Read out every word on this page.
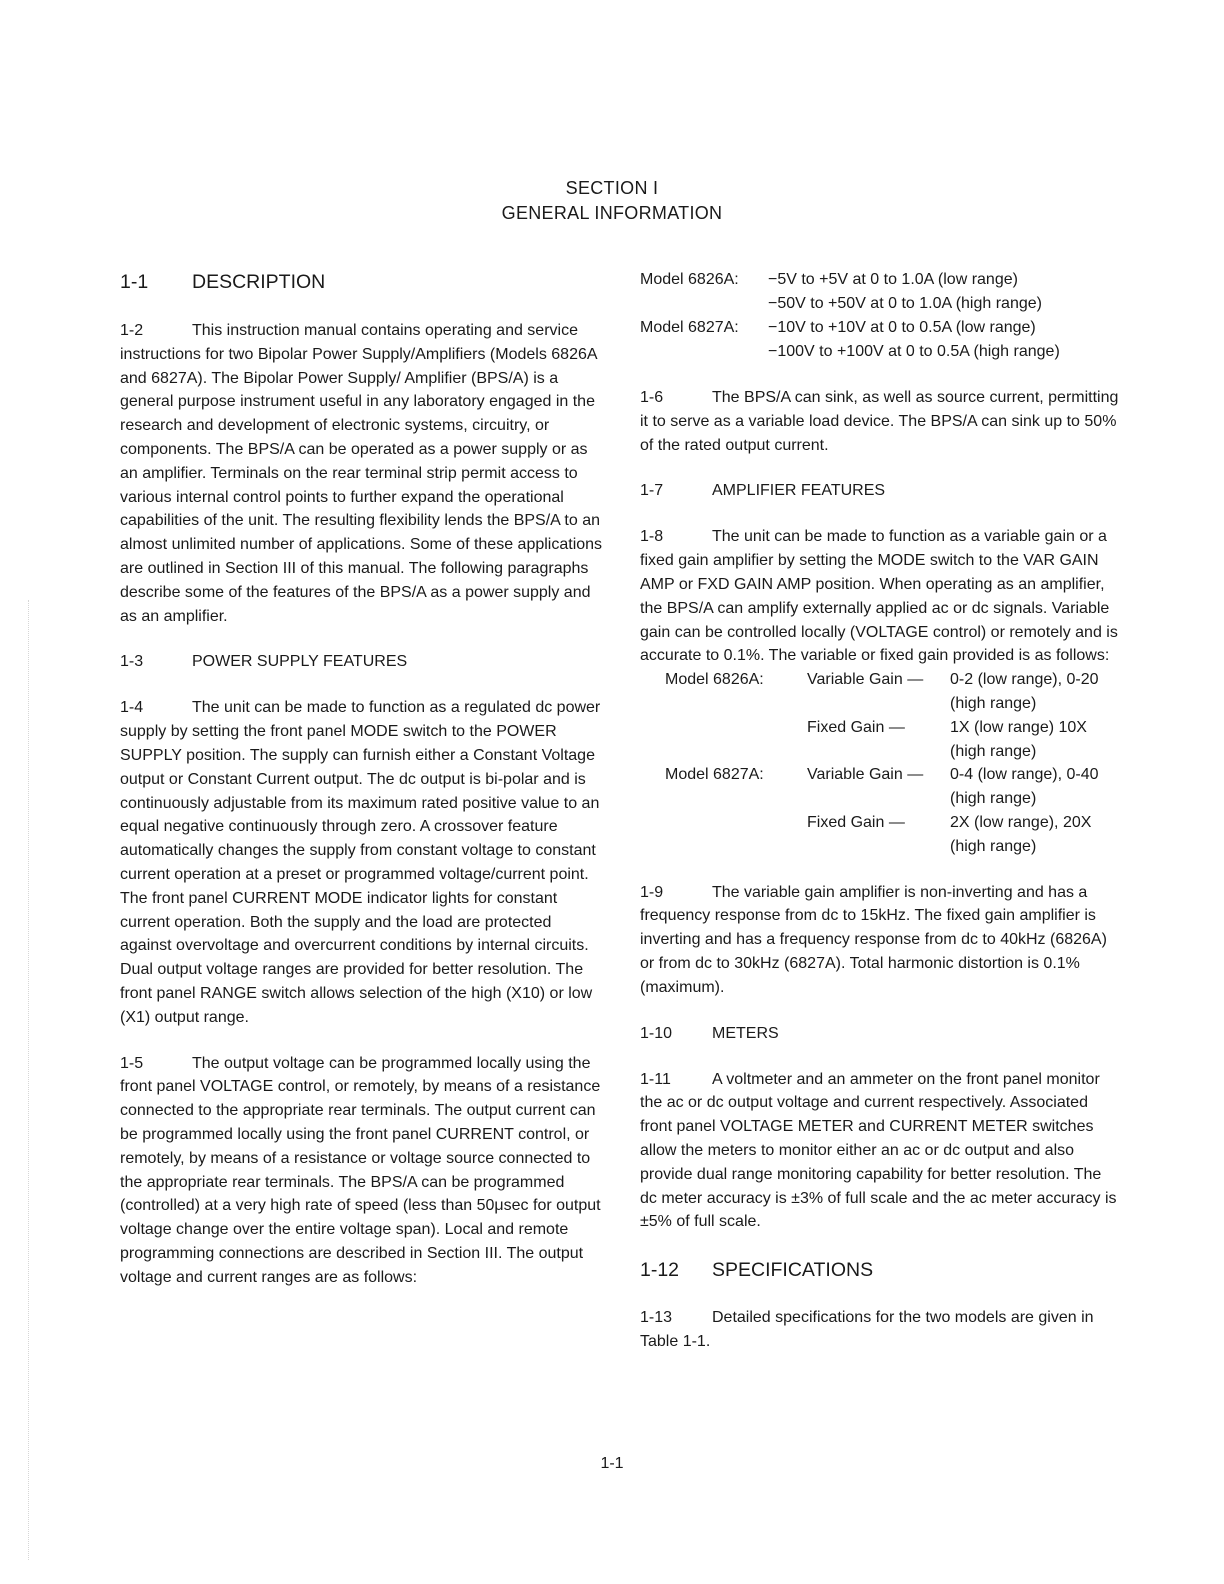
SECTION I
GENERAL INFORMATION
1-1	DESCRIPTION

1-2	This instruction manual contains operating and service instructions for two Bipolar Power Supply/Amplifiers (Models 6826A and 6827A). The Bipolar Power Supply/ Amplifier (BPS/A) is a general purpose instrument useful in any laboratory engaged in the research and development of electronic systems, circuitry, or components. The BPS/A can be operated as a power supply or as an amplifier. Terminals on the rear terminal strip permit access to various internal control points to further expand the operational capabilities of the unit. The resulting flexibility lends the BPS/A to an almost unlimited number of applications. Some of these applications are outlined in Section III of this manual. The following paragraphs describe some of the features of the BPS/A as a power supply and as an amplifier.

1-3	POWER SUPPLY FEATURES

1-4	The unit can be made to function as a regulated dc power supply by setting the front panel MODE switch to the POWER SUPPLY position. The supply can furnish either a Constant Voltage output or Constant Current output. The dc output is bi-polar and is continuously adjustable from its maximum rated positive value to an equal negative continuously through zero. A crossover feature automatically changes the supply from constant voltage to constant current operation at a preset or programmed voltage/current point. The front panel CURRENT MODE indicator lights for constant current operation. Both the supply and the load are protected against overvoltage and overcurrent conditions by internal circuits. Dual output voltage ranges are provided for better resolution. The front panel RANGE switch allows selection of the high (X10) or low (X1) output range.

1-5	The output voltage can be programmed locally using the front panel VOLTAGE control, or remotely, by means of a resistance connected to the appropriate rear terminals. The output current can be programmed locally using the front panel CURRENT control, or remotely, by means of a resistance or voltage source connected to the appropriate rear terminals. The BPS/A can be programmed (controlled) at a very high rate of speed (less than 50μsec for output voltage change over the entire voltage span). Local and remote programming connections are described in Section III. The output voltage and current ranges are as follows:

Model 6826A:	−5V to +5V at 0 to 1.0A (low range)
−50V to +50V at 0 to 1.0A (high range)
Model 6827A:	−10V to +10V at 0 to 0.5A (low range)
−100V to +100V at 0 to 0.5A (high range)

1-6	The BPS/A can sink, as well as source current, permitting it to serve as a variable load device. The BPS/A can sink up to 50% of the rated output current.

1-7	AMPLIFIER FEATURES

1-8	The unit can be made to function as a variable gain or a fixed gain amplifier by setting the MODE switch to the VAR GAIN AMP or FXD GAIN AMP position. When operating as an amplifier, the BPS/A can amplify externally applied ac or dc signals. Variable gain can be controlled locally (VOLTAGE control) or remotely and is accurate to 0.1%. The variable or fixed gain provided is as follows:

Model 6826A:	Variable Gain —	0-2 (low range), 0-20
(high range)
Fixed Gain —	1X (low range) 10X
(high range)
Model 6827A:	Variable Gain —	0-4 (low range), 0-40
(high range)
Fixed Gain —	2X (low range), 20X
(high range)

1-9	The variable gain amplifier is non-inverting and has a frequency response from dc to 15kHz. The fixed gain amplifier is inverting and has a frequency response from dc to 40kHz (6826A) or from dc to 30kHz (6827A). Total harmonic distortion is 0.1% (maximum).

1-10	METERS

1-11	A voltmeter and an ammeter on the front panel monitor the ac or dc output voltage and current respectively. Associated front panel VOLTAGE METER and CURRENT METER switches allow the meters to monitor either an ac or dc output and also provide dual range monitoring capability for better resolution. The dc meter accuracy is ±3% of full scale and the ac meter accuracy is ±5% of full scale.

1-12	SPECIFICATIONS

1-13 Detailed specifications for the two models are given in Table 1-1.

1-1
